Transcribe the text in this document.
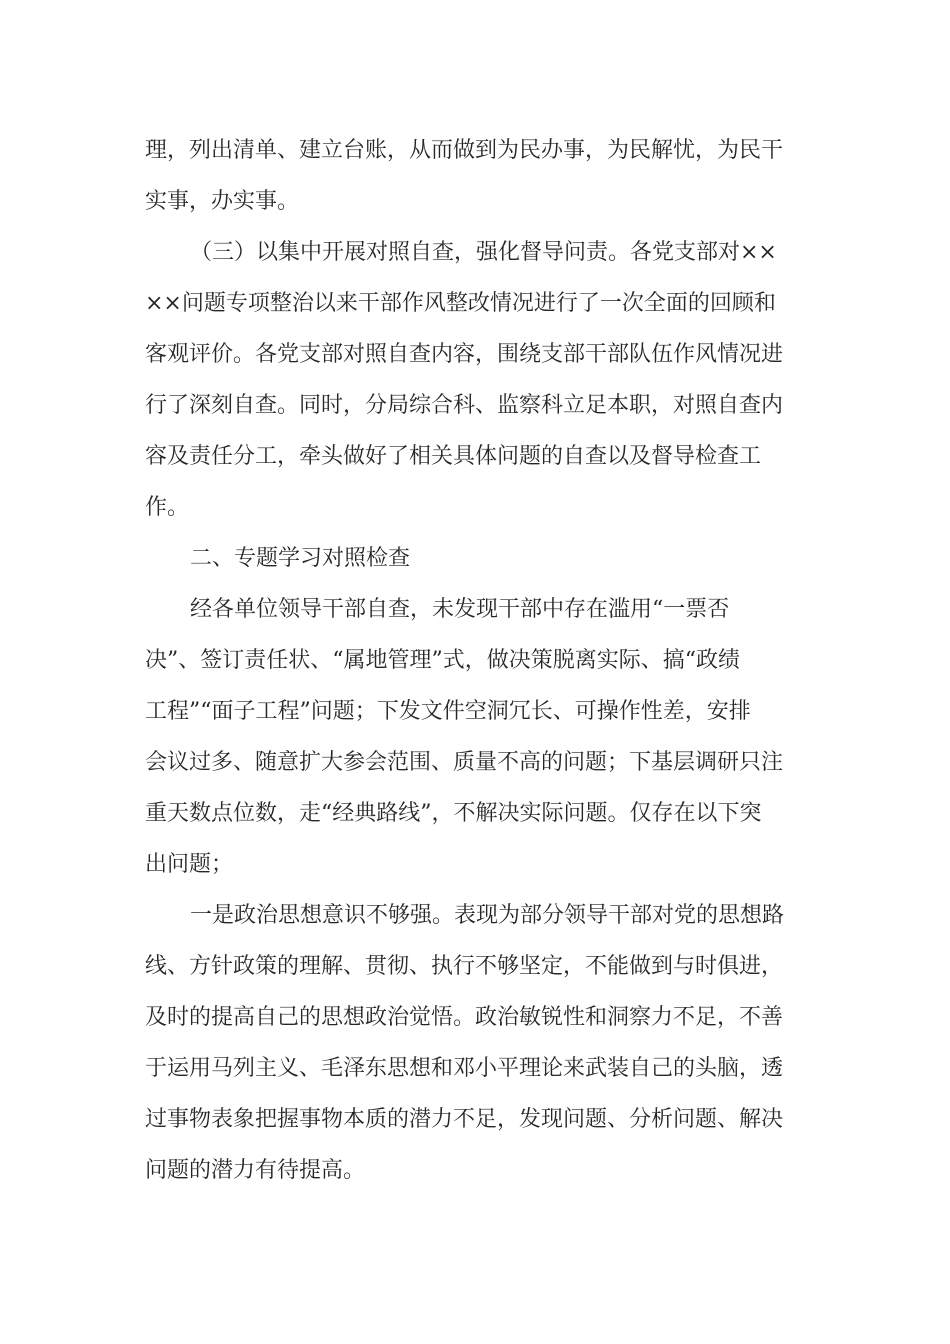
理，列出清单、建立台账，从而做到为民办事，为民解忧，为民干

实事，办实事。

（三）以集中开展对照自查，强化督导问责。各党支部对××

××问题专项整治以来干部作风整改情况进行了一次全面的回顾和

客观评价。各党支部对照自查内容，围绕支部干部队伍作风情况进

行了深刻自查。同时，分局综合科、监察科立足本职，对照自查内

容及责任分工，牵头做好了相关具体问题的自查以及督导检查工

作。

二、专题学习对照检查

经各单位领导干部自查，未发现干部中存在滥用“一票否

决”、签订责任状、“属地管理”式，做决策脱离实际、搞“政绩

工程”“面子工程”问题；下发文件空洞冗长、可操作性差，安排

会议过多、随意扩大参会范围、质量不高的问题；下基层调研只注

重天数点位数，走“经典路线”，不解决实际问题。仅存在以下突

出问题；

一是政治思想意识不够强。表现为部分领导干部对党的思想路

线、方针政策的理解、贯彻、执行不够坚定，不能做到与时俱进，

及时的提高自己的思想政治觉悟。政治敏锐性和洞察力不足，不善

于运用马列主义、毛泽东思想和邓小平理论来武装自己的头脑，透

过事物表象把握事物本质的潜力不足，发现问题、分析问题、解决

问题的潜力有待提高。
